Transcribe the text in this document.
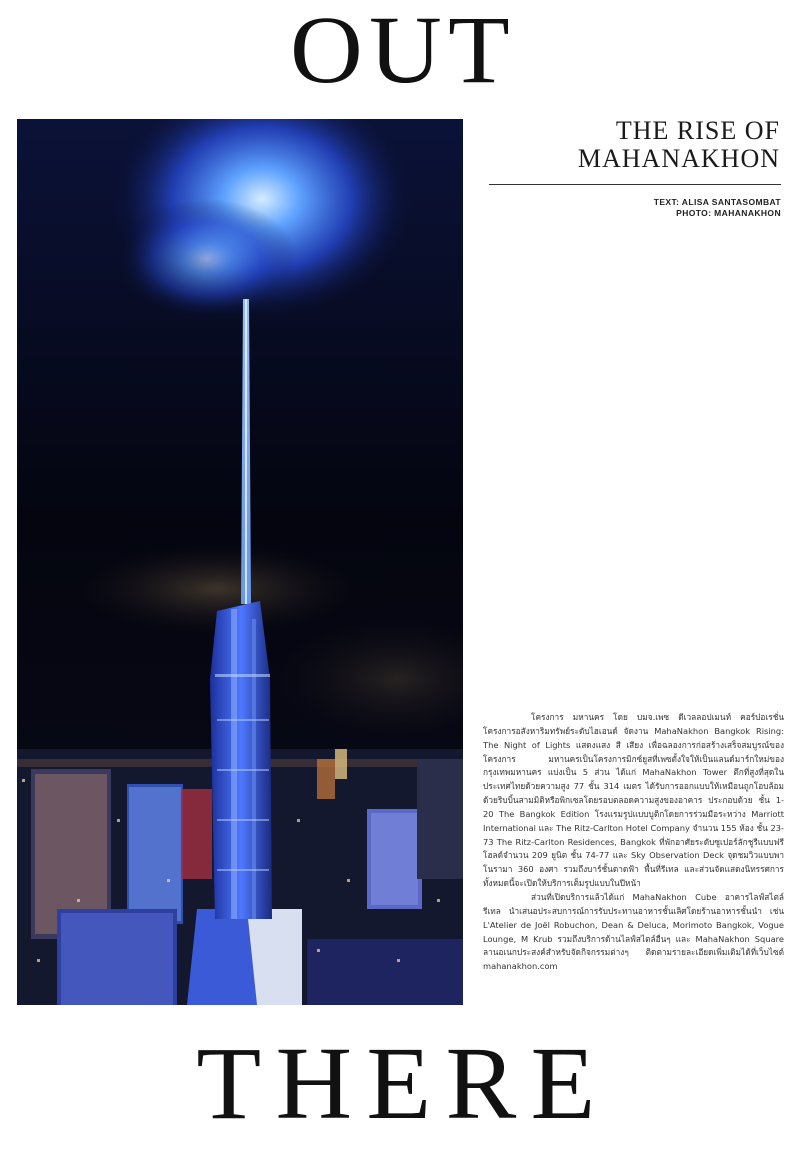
OUT
THE RISE OF
MAHANAKHON
TEXT: ALISA SANTASOMBAT
PHOTO: MAHANAKHON

โครงการ มหานคร โดย บมจ.เพซ ดีเวลลอปเมนท์ คอร์ปอเรชั่น โครงการอสังหาริมทรัพย์ระดับไฮเอนด์ จัดงาน MahaNakhon Bangkok Rising: The Night of Lights แสดงแสง สี เสียง เพื่อฉลองการก่อสร้างเสร็จสมบูรณ์ของโครงการ มหานครเป็นโครงการมิกซ์ยูสที่เพซตั้งใจให้เป็นแลนด์มาร์กใหม่ของกรุงเทพมหานคร แบ่งเป็น 5 ส่วน ได้แก่ MahaNakhon Tower ตึกที่สูงที่สุดในประเทศไทยด้วยความสูง 77 ชั้น 314 เมตร ได้รับการออกแบบให้เหมือนถูกโอบล้อมด้วยริบบิ้นสามมิติหรือพิกเซลโดยรอบตลอดความสูงของอาคาร ประกอบด้วย ชั้น 1-20 The Bangkok Edition โรงแรมรูปแบบบูติกโดยการร่วมมือระหว่าง Marriott International และ The Ritz-Carlton Hotel Company จำนวน 155 ห้อง ชั้น 23-73 The Ritz-Carlton Residences, Bangkok ที่พักอาศัยระดับซูเปอร์ลักชูรีแบบฟรีโฮลด์จำนวน 209 ยูนิต ชั้น 74-77 และ Sky Observation Deck จุดชมวิวแบบพาโนรามา 360 องศา รวมถึงบาร์ชั้นดาดฟ้า พื้นที่รีเทล และส่วนจัดแสดงนิทรรศการ ทั้งหมดนี้จะเปิดให้บริการเต็มรูปแบบในปีหน้า

ส่วนที่เปิดบริการแล้วได้แก่ MahaNakhon Cube อาคารไลฟ์สไตล์รีเทล นำเสนอประสบการณ์การรับประทานอาหารชั้นเลิศโดยร้านอาหารชั้นนำ เช่น L'Atelier de Joël Robuchon, Dean & Deluca, Morimoto Bangkok, Vogue Lounge, M Krub รวมถึงบริการด้านไลฟ์สไตล์อื่นๆ และ MahaNakhon Square ลานอเนกประสงค์สำหรับจัดกิจกรรมต่างๆ ติดตามรายละเอียดเพิ่มเติมได้ที่เว็บไซต์ mahanakhon.com

THERE
